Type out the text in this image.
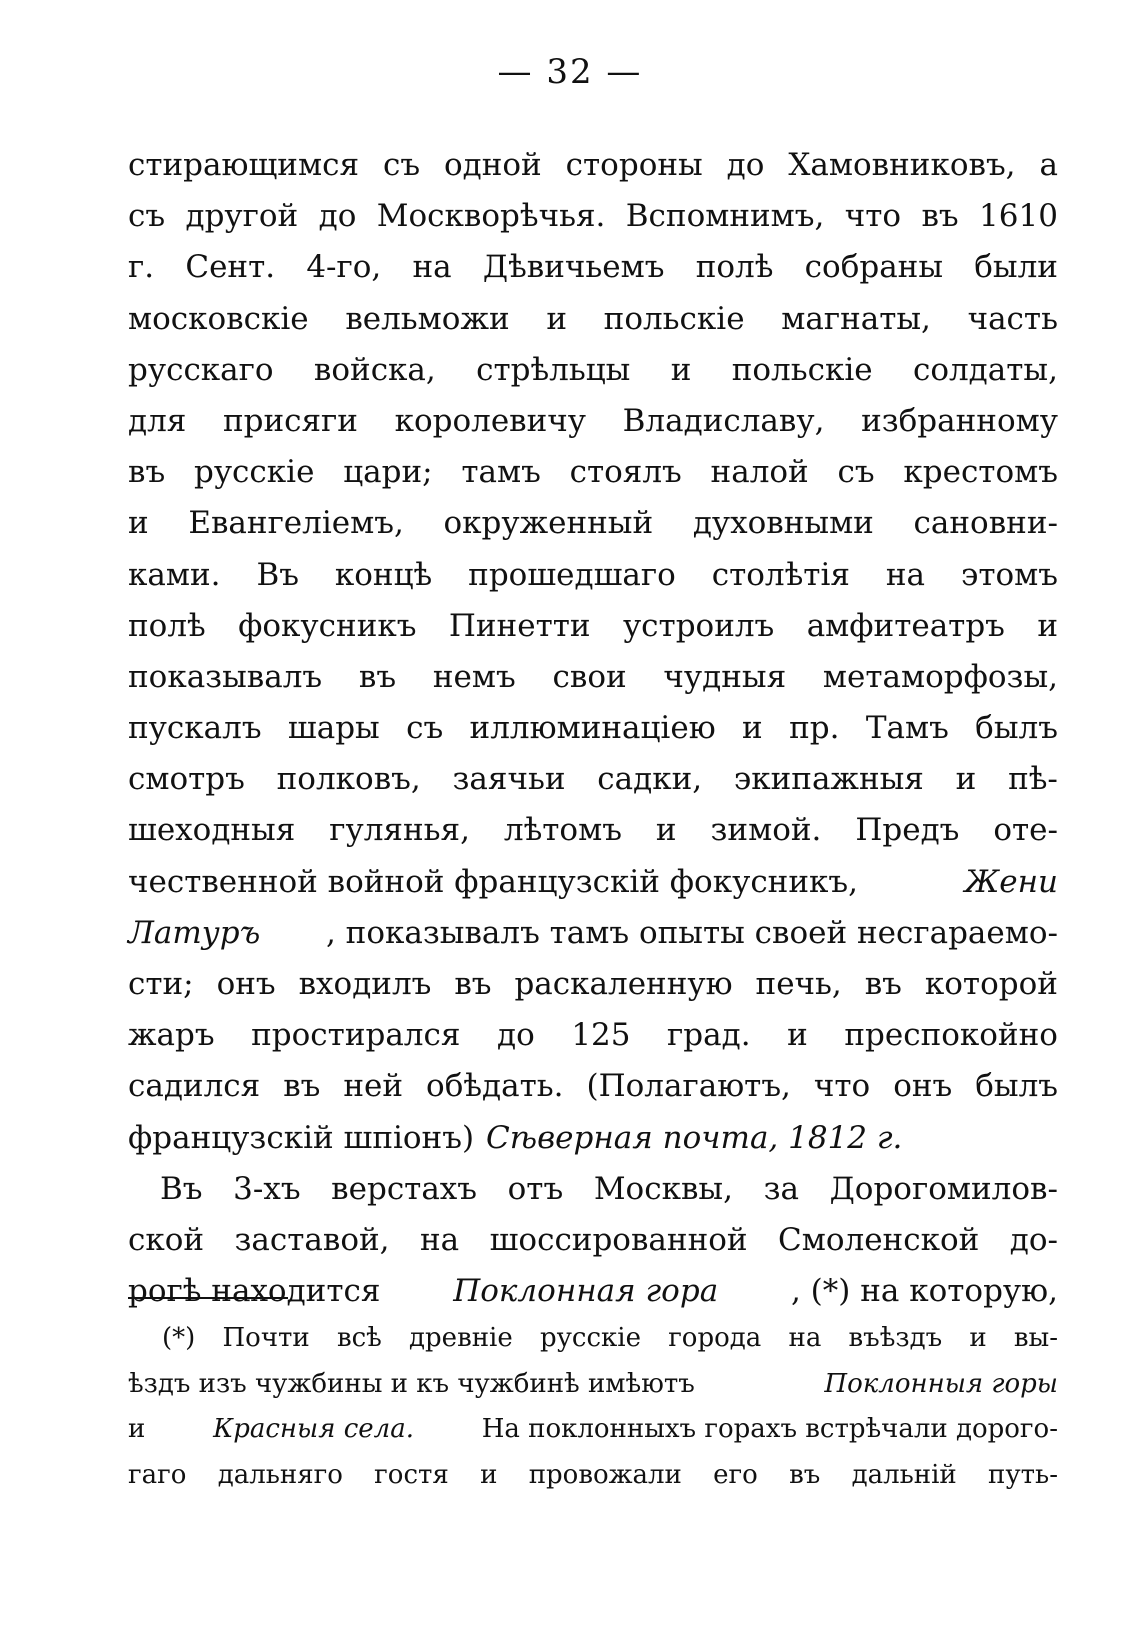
— 32 —
стирающимся съ одной стороны до Хамовниковъ, а
съ другой до Москворѣчья. Вспомнимъ, что въ 1610
г. Сент. 4-го, на Дѣвичьемъ полѣ собраны были
московскіе вельможи и польскіе магнаты, часть
русскаго войска, стрѣльцы и польскіе солдаты,
для присяги королевичу Владиславу, избранному
въ русскіе цари; тамъ стоялъ налой съ крестомъ
и Евангеліемъ, окруженный духовными сановни-
ками. Въ концѣ прошедшаго столѣтія на этомъ
полѣ фокусникъ Пинетти устроилъ амфитеатръ и
показывалъ въ немъ свои чудныя метаморфозы,
пускалъ шары съ иллюминаціею и пр. Тамъ былъ
смотръ полковъ, заячьи садки, экипажныя и пѣ-
шеходныя гулянья, лѣтомъ и зимой. Предъ оте-
чественной войной французскій фокусникъ,	Жени
Латуръ , показывалъ тамъ опыты своей несгараемо-
сти; онъ входилъ въ раскаленную печь, въ которой
жаръ простирался до 125 град. и преспокойно
садился въ ней обѣдать. (Полагаютъ, что онъ былъ
французскій шпіонъ) Сѣверная почта, 1812 г.
Въ 3-хъ верстахъ отъ Москвы, за Дорогомилов-
ской заставой, на шоссированной Смоленской до-
рогѣ находится Поклонная гора , (*) на которую,
(*) Почти всѣ древніе русскіе города на въѣздъ и вы-
ѣздъ изъ чужбины и къ чужбинѣ имѣютъ	Поклонныя горы
и	Красныя села.	На поклонныхъ горахъ встрѣчали дорого-
гаго дальняго гостя и провожали его въ дальній путь-
